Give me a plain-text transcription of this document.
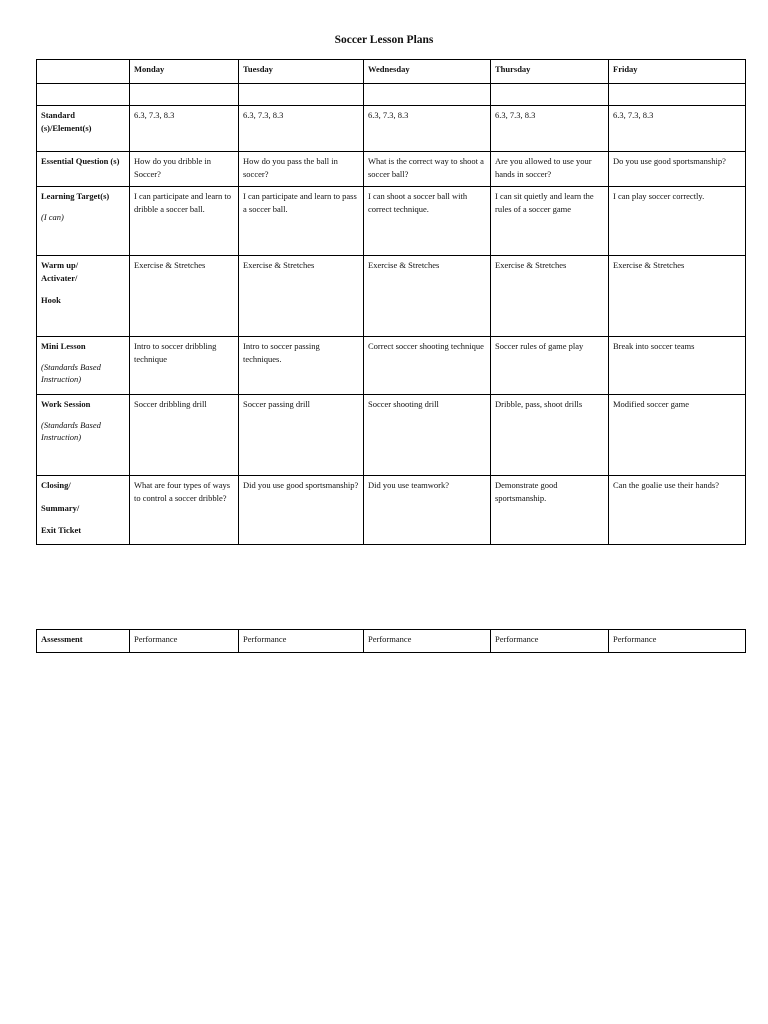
Soccer Lesson Plans
	Monday	Tuesday	Wednesday	Thursday	Friday

Standard (s)/Element(s)	6.3, 7.3, 8.3	6.3, 7.3, 8.3	6.3, 7.3, 8.3	6.3, 7.3, 8.3	6.3, 7.3, 8.3

Essential Question (s)	How do you dribble in Soccer?	How do you pass the ball in soccer?	What is the correct way to shoot a soccer ball?	Are you allowed to use your hands in soccer?	Do you use good sportsmanship?

Learning Target(s)
(I can)	I can participate and learn to dribble a soccer ball.	I can participate and learn to pass a soccer ball.	I can shoot a soccer ball with correct technique.	I can sit quietly and learn the rules of a soccer game	I can play soccer correctly.

Warm up/
Activater/
Hook	Exercise & Stretches	Exercise & Stretches	Exercise & Stretches	Exercise & Stretches	Exercise & Stretches

Mini Lesson
(Standards Based Instruction)	Intro to soccer dribbling technique	Intro to soccer passing techniques.	Correct soccer shooting technique	Soccer rules of game play	Break into soccer teams

Work Session
(Standards Based Instruction)	Soccer dribbling drill	Soccer passing drill	Soccer shooting drill	Dribble, pass, shoot drills	Modified soccer game

Closing/
Summary/
Exit Ticket	What are four types of ways to control a soccer dribble?	Did you use good sportsmanship?	Did you use teamwork?	Demonstrate good sportsmanship.	Can the goalie use their hands?
Assessment	Performance	Performance	Performance	Performance	Performance
